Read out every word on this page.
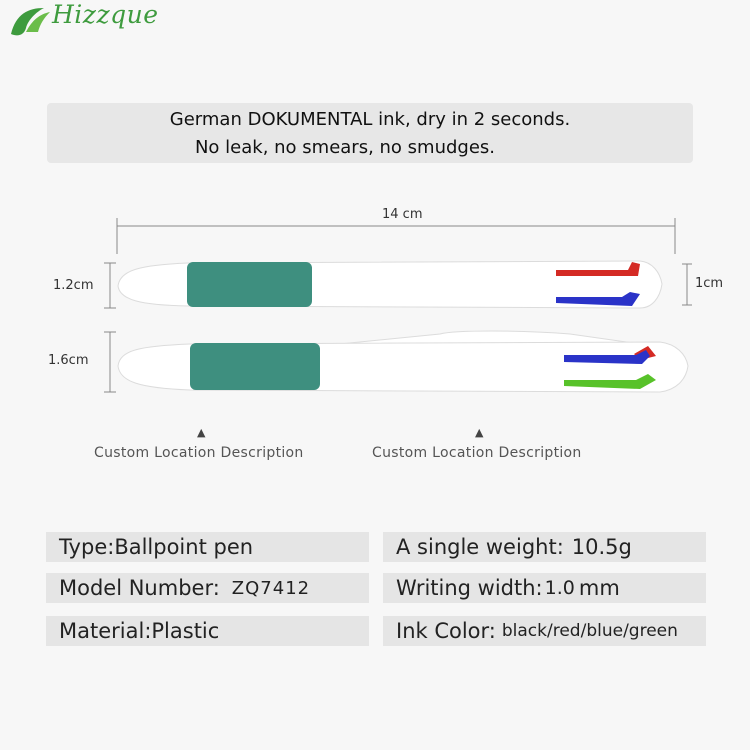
Hizzque
German DOKUMENTAL ink, dry in 2 seconds.
No leak, no smears, no smudges.
14 cm
1.2cm	1cm
1.6cm
▲
Custom Location Description
▲
Custom Location Description
Type: Ballpoint pen	A single weight: 10.5g
Model Number: ZQ7412	Writing width: 1.0 mm
Material: Plastic	Ink Color: black/red/blue/green
